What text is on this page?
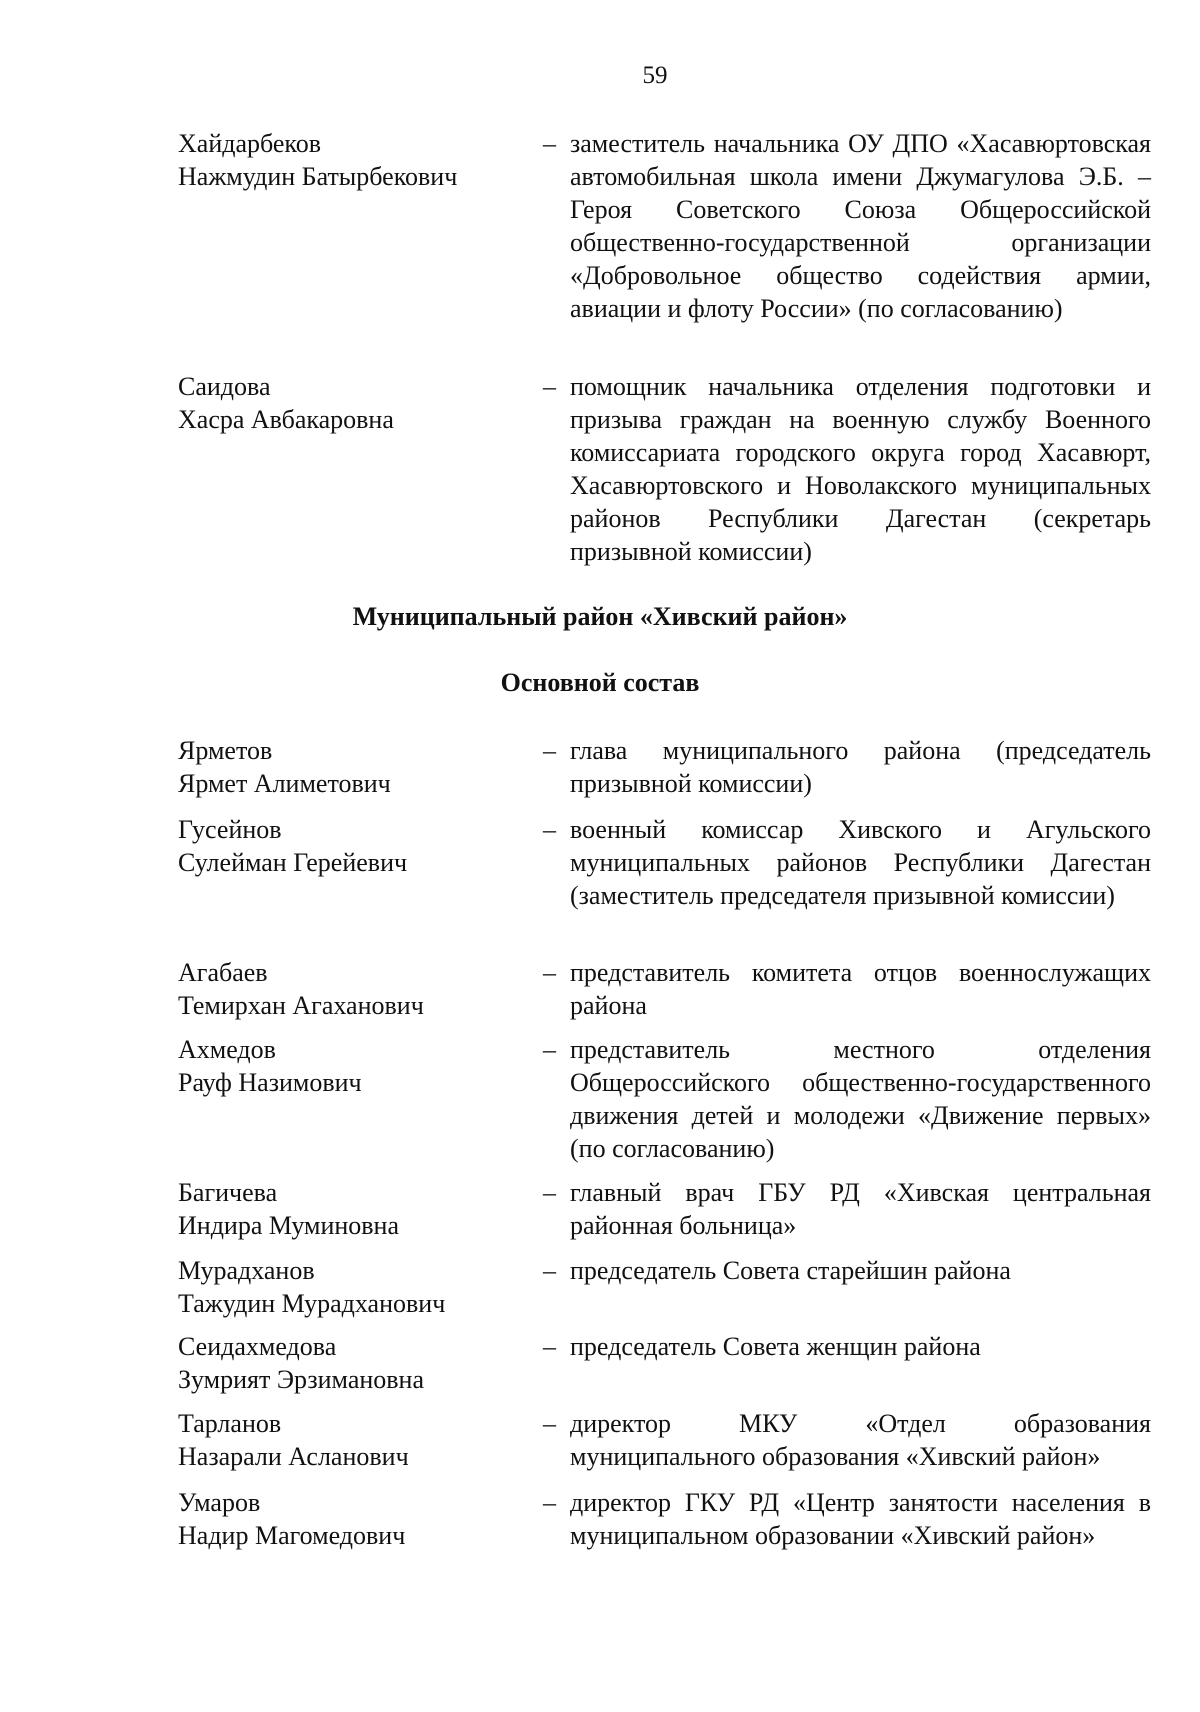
59
Хайдарбеков
Нажмудин Батырбекович
– заместитель начальника ОУ ДПО «Хасавюртовская автомобильная школа имени Джумагулова Э.Б. – Героя Советского Союза Общероссийской общественно-государственной организации «Добровольное общество содействия армии, авиации и флоту России» (по согласованию)
Саидова
Хасра Авбакаровна
– помощник начальника отделения подготовки и призыва граждан на военную службу Военного комиссариата городского округа город Хасавюрт, Хасавюртовского и Новолакского муниципальных районов Республики Дагестан (секретарь призывной комиссии)
Муниципальный район «Хивский район»
Основной состав
Ярметов
Ярмет Алиметович
– глава муниципального района (председатель призывной комиссии)
Гусейнов
Сулейман Герейевич
– военный комиссар Хивского и Агульского муниципальных районов Республики Дагестан (заместитель председателя призывной комиссии)
Агабаев
Темирхан Агаханович
– представитель комитета отцов военнослужащих района
Ахмедов
Рауф Назимович
– представитель местного отделения Общероссийского общественно-государственного движения детей и молодежи «Движение первых» (по согласованию)
Багичева
Индира Муминовна
– главный врач ГБУ РД «Хивская центральная районная больница»
Мурадханов
Тажудин Мурадханович
– председатель Совета старейшин района
Сеидахмедова
Зумрият Эрзимановна
– председатель Совета женщин района
Тарланов
Назарали Асланович
– директор МКУ «Отдел образования муниципального образования «Хивский район»
Умаров
Надир Магомедович
– директор ГКУ РД «Центр занятости населения в муниципальном образовании «Хивский район»
